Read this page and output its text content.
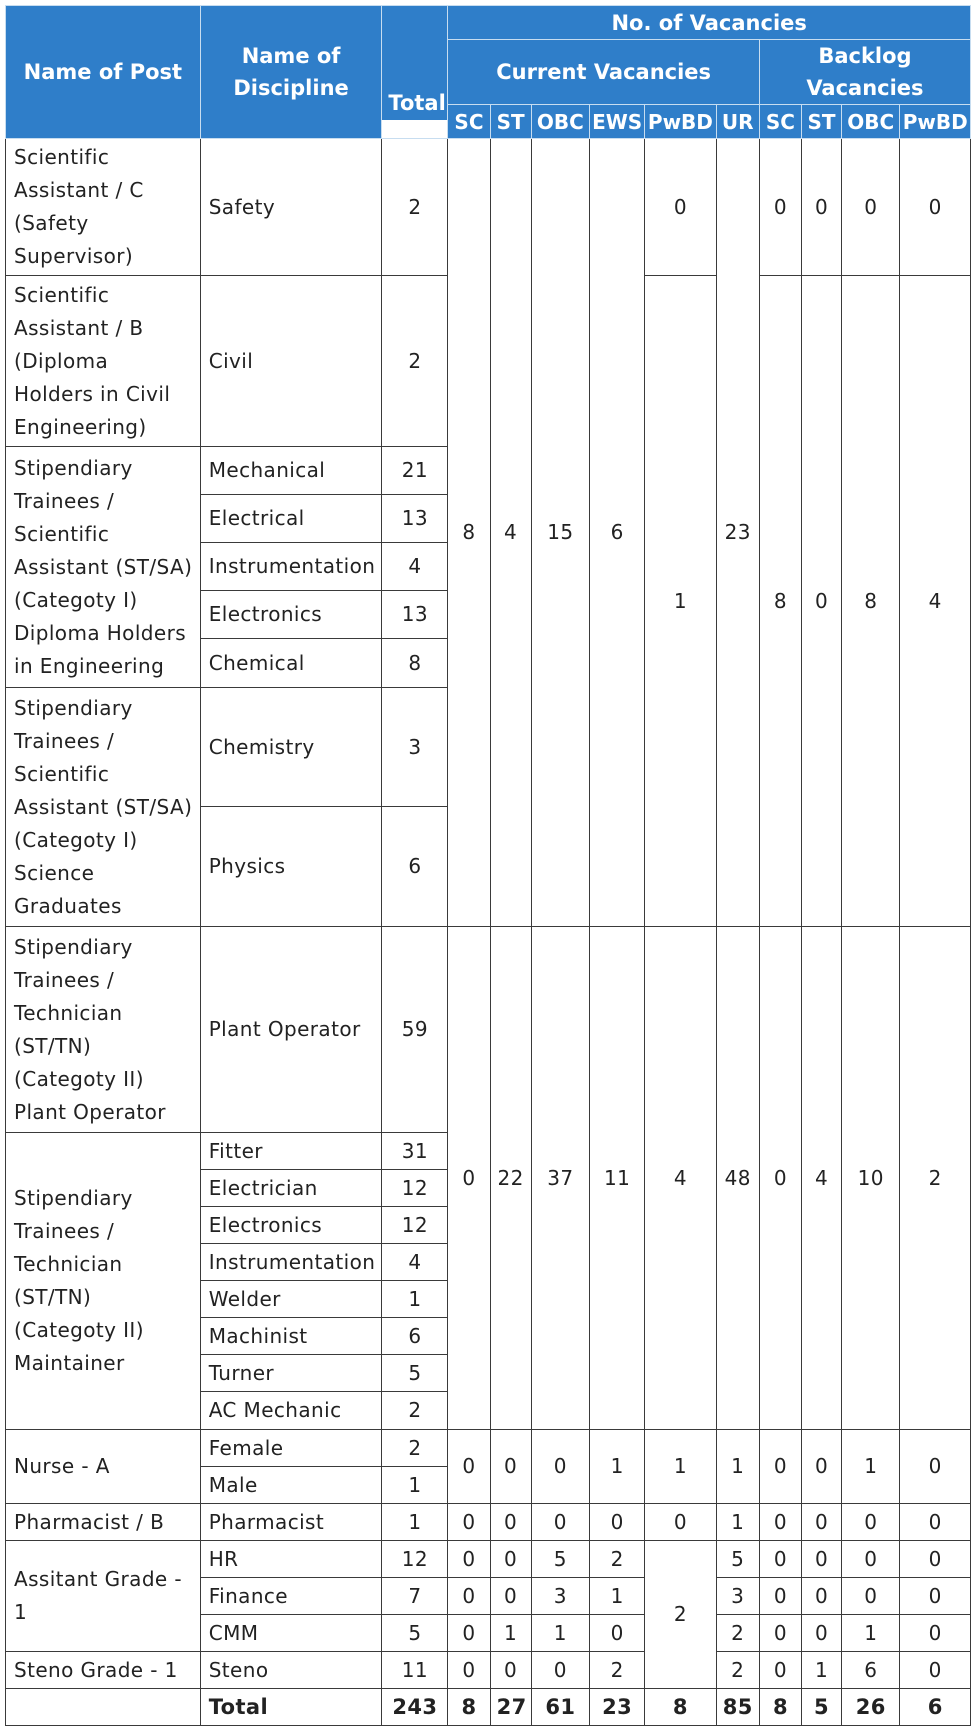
Name of Post	Name of Discipline		No. of Vacancies									
			Current Vacancies						Backlog Vacancies			
		Total	SC	ST	OBC	EWS	PwBD	UR	SC	ST	OBC	PwBD
Scientific Assistant / C (Safety Supervisor)	Safety	2	8	4	15	6	0	23	0	0	0	0
Scientific Assistant / B (Diploma Holders in Civil Engineering)	Civil	2					1		8	0	8	4
Stipendiary Trainees / Scientific Assistant (ST/SA) (Categoty I) Diploma Holders in Engineering	Mechanical	21										
	Electrical	13										
	Instrumentation	4										
	Electronics	13										
	Chemical	8										
Stipendiary Trainees / Scientific Assistant (ST/SA) (Categoty I) Science Graduates	Chemistry	3										
	Physics	6										
Stipendiary Trainees / Technician (ST/TN) (Categoty II) Plant Operator	Plant Operator	59	0	22	37	11	4	48	0	4	10	2
Stipendiary Trainees / Technician (ST/TN) (Categoty II) Maintainer	Fitter	31										
	Electrician	12										
	Electronics	12										
	Instrumentation	4										
	Welder	1										
	Machinist	6										
	Turner	5										
	AC Mechanic	2										
Nurse - A	Female	2	0	0	0	1	1	1	0	0	1	0
	Male	1										
Pharmacist / B	Pharmacist	1	0	0	0	0	0	1	0	0	0	0
Assitant Grade - 1	HR	12	0	0	5	2	2	5	0	0	0	0
	Finance	7	0	0	3	1		3	0	0	0	0
	CMM	5	0	1	1	0		2	0	0	1	0
Steno Grade - 1	Steno	11	0	0	0	2		2	0	1	6	0
	Total	243	8	27	61	23	8	85	8	5	26	6
